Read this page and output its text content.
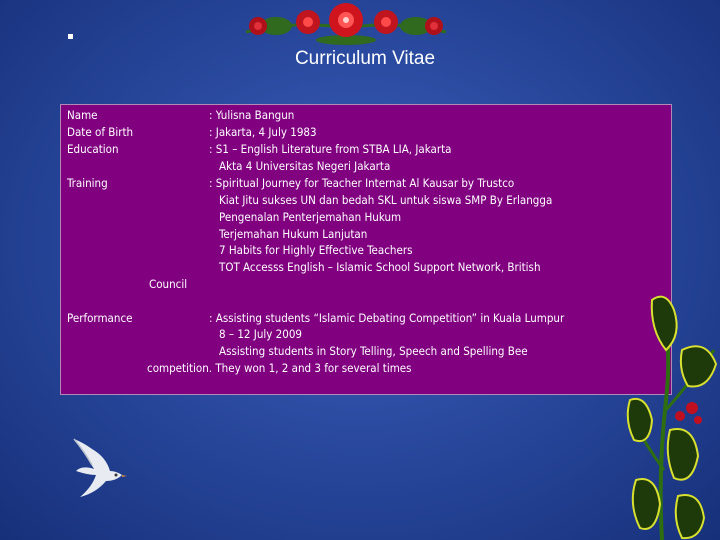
Curriculum Vitae
Name	: Yulisna Bangun
Date of Birth	: Jakarta, 4 July 1983
Education	: S1 – English Literature from STBA LIA, Jakarta
Akta 4 Universitas Negeri Jakarta
Training	: Spiritual Journey for Teacher Internat Al Kausar by Trustco
Kiat Jitu sukses UN dan bedah SKL untuk siswa SMP By Erlangga
Pengenalan Penterjemahan Hukum
Terjemahan Hukum Lanjutan
7 Habits for Highly Effective Teachers
TOT Accesss English – Islamic School Support Network, British
Council
Performance	: Assisting students “Islamic Debating Competition” in Kuala Lumpur
8 – 12 July 2009
Assisting students in Story Telling, Speech and Spelling Bee
competition. They won 1, 2 and 3 for several times
